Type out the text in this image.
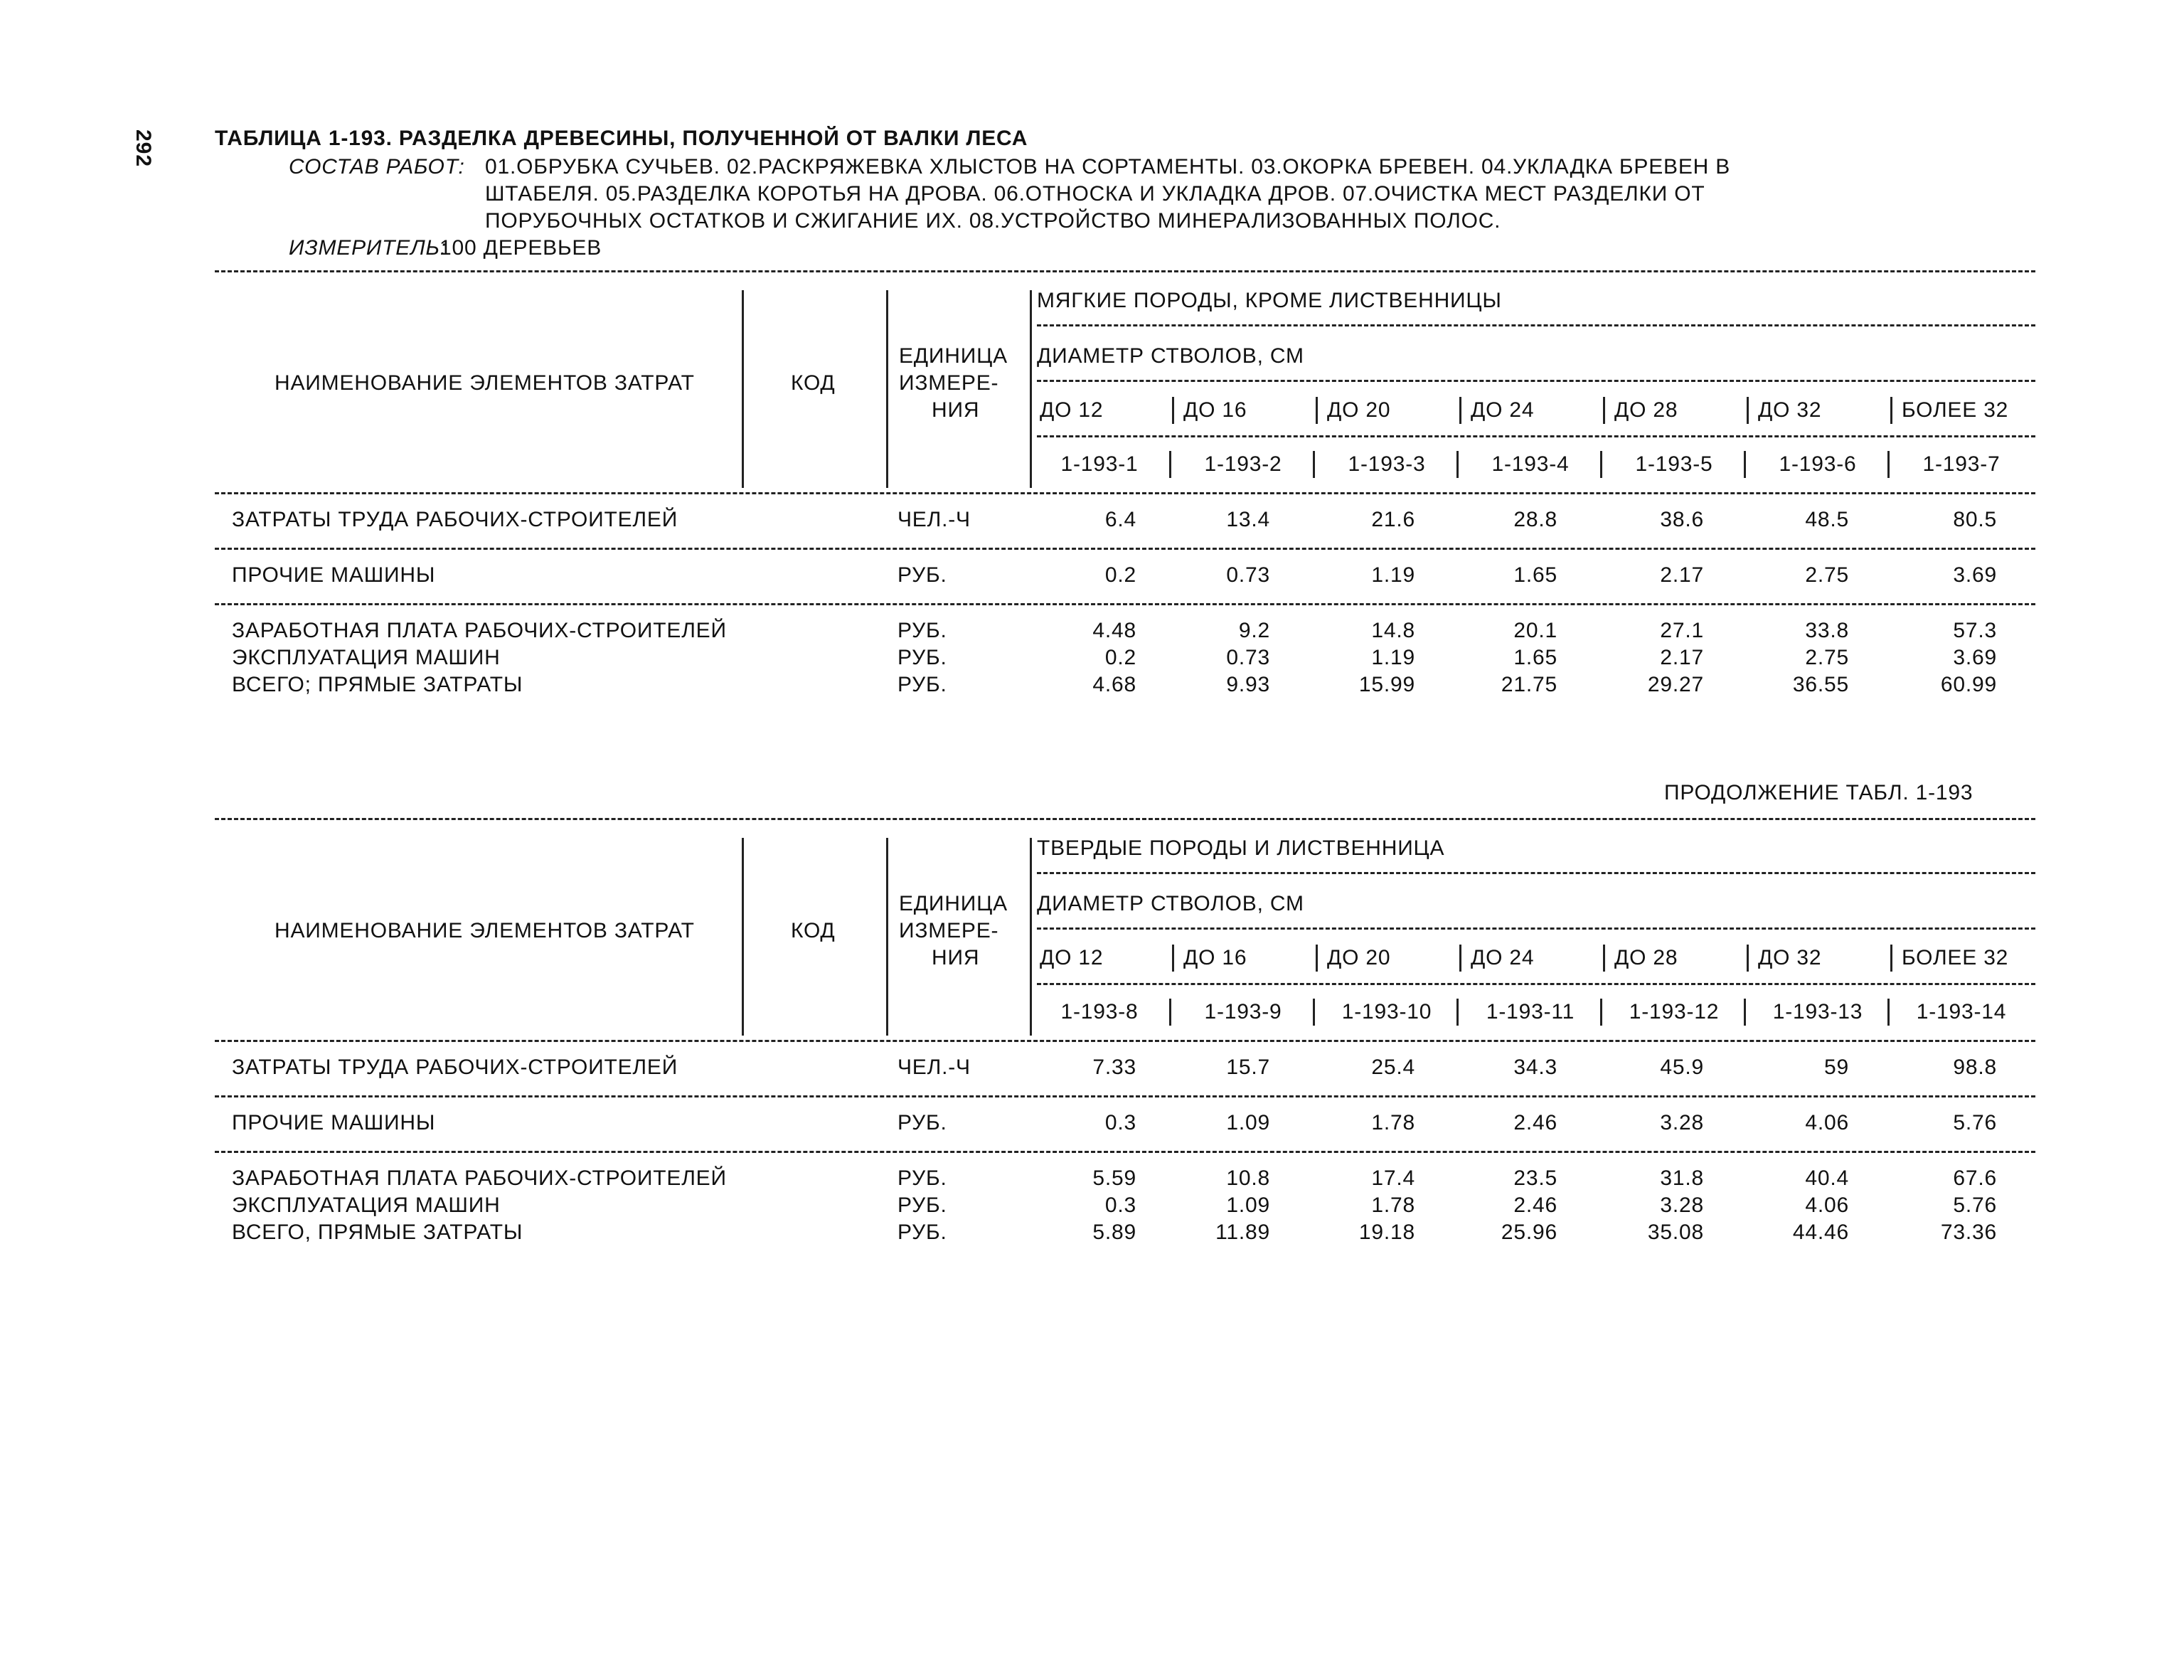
292	ТАБЛИЦА 1-193. РАЗДЕЛКА ДРЕВЕСИНЫ, ПОЛУЧЕННОЙ ОТ ВАЛКИ ЛЕСА
СОСТАВ РАБОТ: 01.ОБРУБКА СУЧЬЕВ. 02.РАСКРЯЖЕВКА ХЛЫСТОВ НА СОРТАМЕНТЫ. 03.ОКОРКА БРЕВЕН. 04.УКЛАДКА БРЕВЕН В
ШТАБЕЛЯ. 05.РАЗДЕЛКА КОРОТЬЯ НА ДРОВА. 06.ОТНОСКА И УКЛАДКА ДРОВ. 07.ОЧИСТКА МЕСТ РАЗДЕЛКИ ОТ
ПОРУБОЧНЫХ ОСТАТКОВ И СЖИГАНИЕ ИХ. 08.УСТРОЙСТВО МИНЕРАЛИЗОВАННЫХ ПОЛОС.
ИЗМЕРИТЕЛЬ:
100 ДЕРЕВЬЕВ
ПРОДОЛЖЕНИЕ ТАБЛ. 1-193
НАИМЕНОВАНИЕ ЭЛЕМЕНТОВ ЗАТРАТ	КОД
ЕДИНИЦА
ИЗМЕРЕ-
НИЯ
МЯГКИЕ ПОРОДЫ, КРОМЕ ЛИСТВЕННИЦЫ
ДИАМЕТР СТВОЛОВ, СМ
ДО 12	ДО 16	ДО 20	ДО 24	ДО 28	ДО 32	БОЛЕЕ 32
1-193-1	1-193-2	1-193-3	1-193-4	1-193-5	1-193-6	1-193-7
ЗАТРАТЫ ТРУДА РАБОЧИХ-СТРОИТЕЛЕЙ	ЧЕЛ.-Ч	6.4	13.4	21.6	28.8	38.6	48.5	80.5
ПРОЧИЕ МАШИНЫ	РУБ.	0.2	0.73	1.19	1.65	2.17	2.75	3.69
ЗАРАБОТНАЯ ПЛАТА РАБОЧИХ-СТРОИТЕЛЕЙ	РУБ.	4.48	9.2	14.8	20.1	27.1	33.8	57.3
ЭКСПЛУАТАЦИЯ МАШИН	РУБ.	0.2	0.73	1.19	1.65	2.17	2.75	3.69
ВСЕГО; ПРЯМЫЕ ЗАТРАТЫ	РУБ.	4.68	9.93	15.99	21.75	29.27	36.55	60.99
НАИМЕНОВАНИЕ ЭЛЕМЕНТОВ ЗАТРАТ	КОД
ЕДИНИЦА
ИЗМЕРЕ-
НИЯ
ТВЕРДЫЕ ПОРОДЫ И ЛИСТВЕННИЦА
ДИАМЕТР СТВОЛОВ, СМ
ДО 12	ДО 16	ДО 20	ДО 24	ДО 28	ДО 32	БОЛЕЕ 32
1-193-8	1-193-9	1-193-10	1-193-11	1-193-12	1-193-13	1-193-14
ЗАТРАТЫ ТРУДА РАБОЧИХ-СТРОИТЕЛЕЙ	ЧЕЛ.-Ч	7.33	15.7	25.4	34.3	45.9	59	98.8
ПРОЧИЕ МАШИНЫ	РУБ.	0.3	1.09	1.78	2.46	3.28	4.06	5.76
ЗАРАБОТНАЯ ПЛАТА РАБОЧИХ-СТРОИТЕЛЕЙ	РУБ.	5.59	10.8	17.4	23.5	31.8	40.4	67.6
ЭКСПЛУАТАЦИЯ МАШИН	РУБ.	0.3	1.09	1.78	2.46	3.28	4.06	5.76
ВСЕГО, ПРЯМЫЕ ЗАТРАТЫ	РУБ.	5.89	11.89	19.18	25.96	35.08	44.46	73.36
